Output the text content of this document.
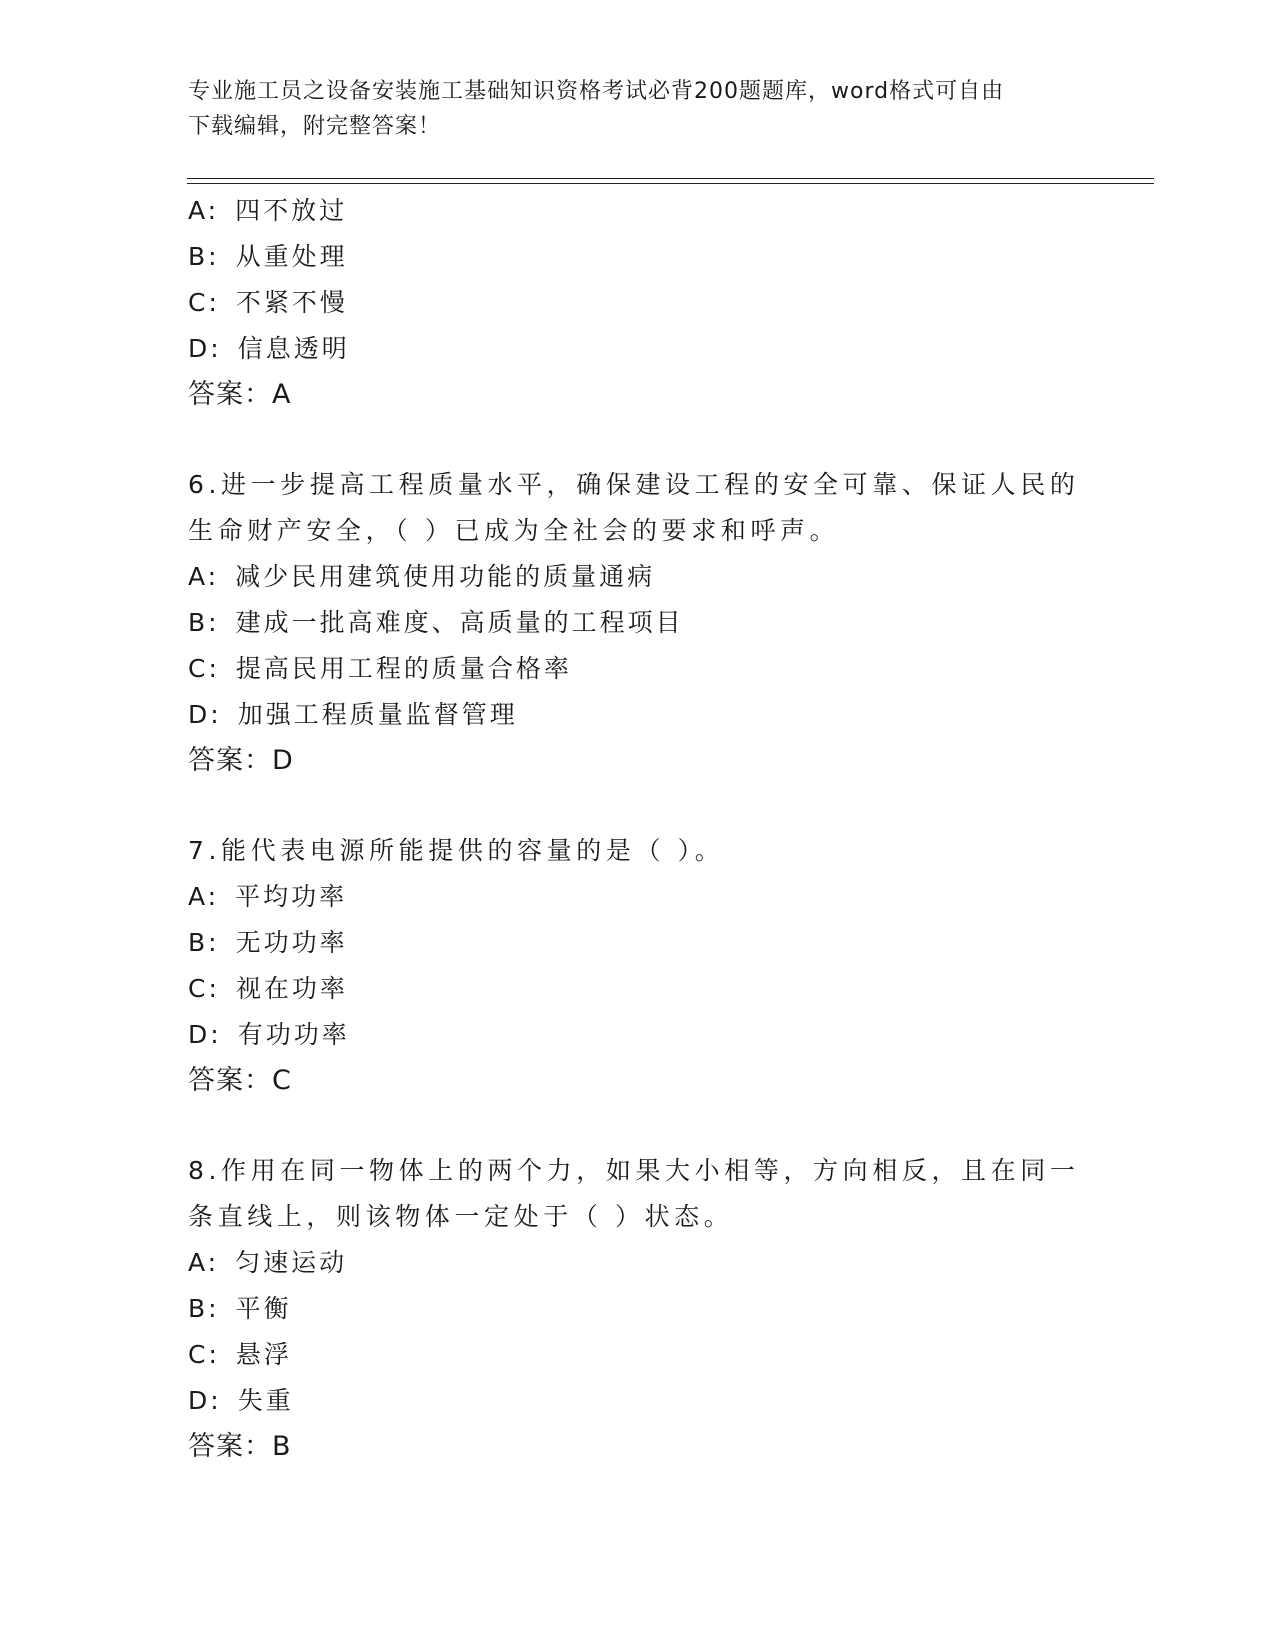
专业施工员之设备安装施工基础知识资格考试必背200题题库，word格式可自由
下载编辑，附完整答案！
A: 四不放过
B: 从重处理
C: 不紧不慢
D: 信息透明
答案：A
6.进一步提高工程质量水平，确保建设工程的安全可靠、保证人民的
生命财产安全，（ ）已成为全社会的要求和呼声。
A: 减少民用建筑使用功能的质量通病
B: 建成一批高难度、高质量的工程项目
C: 提高民用工程的质量合格率
D: 加强工程质量监督管理
答案：D
7.能代表电源所能提供的容量的是（ ）。
A: 平均功率
B: 无功功率
C: 视在功率
D: 有功功率
答案：C
8.作用在同一物体上的两个力，如果大小相等，方向相反，且在同一
条直线上，则该物体一定处于（ ）状态。
A: 匀速运动
B: 平衡
C: 悬浮
D: 失重
答案：B
